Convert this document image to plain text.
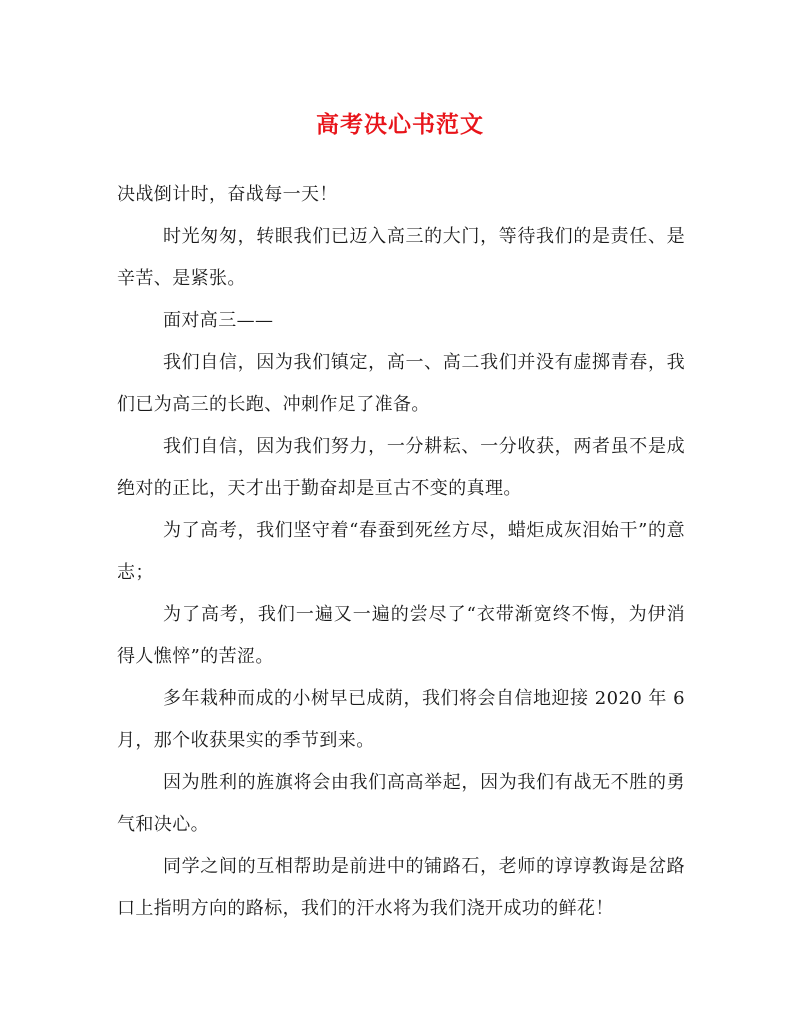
高考决心书范文

决战倒计时，奋战每一天！

时光匆匆，转眼我们已迈入高三的大门，等待我们的是责任、是辛苦、是紧张。

面对高三——

我们自信，因为我们镇定，高一、高二我们并没有虚掷青春，我们已为高三的长跑、冲刺作足了准备。

我们自信，因为我们努力，一分耕耘、一分收获，两者虽不是成绝对的正比，天才出于勤奋却是亘古不变的真理。

为了高考，我们坚守着“春蚕到死丝方尽，蜡炬成灰泪始干”的意志；

为了高考，我们一遍又一遍的尝尽了“衣带渐宽终不悔，为伊消得人憔悴”的苦涩。

多年栽种而成的小树早已成荫，我们将会自信地迎接 2020 年 6 月，那个收获果实的季节到来。

因为胜利的旌旗将会由我们高高举起，因为我们有战无不胜的勇气和决心。

同学之间的互相帮助是前进中的铺路石，老师的谆谆教诲是岔路口上指明方向的路标，我们的汗水将为我们浇开成功的鲜花！
